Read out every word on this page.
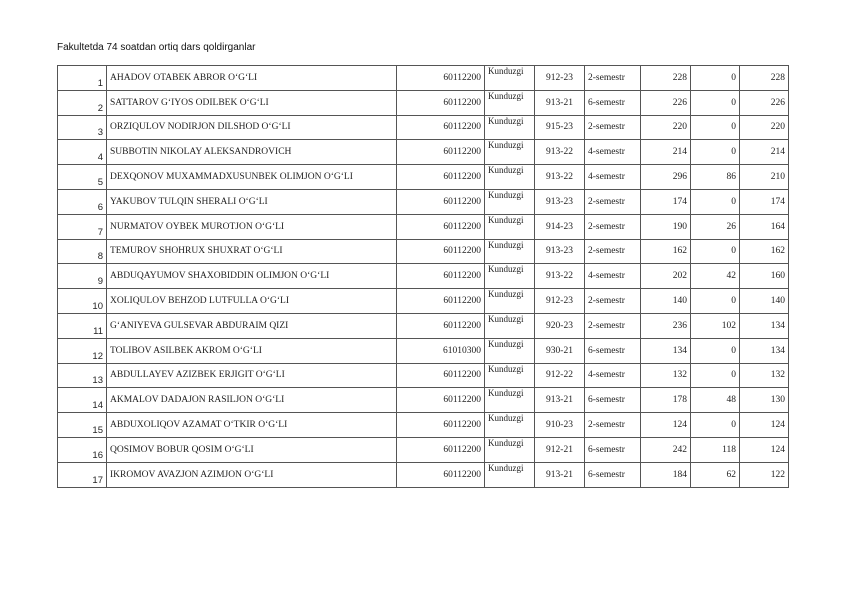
Fakultetda 74 soatdan ortiq dars qoldirganlar
1	AHADOV OTABEK ABROR O‘G‘LI	60112200	Kunduzgi	912-23	2-semestr	228	0	228
2	SATTAROV G‘IYOS ODILBEK O‘G‘LI	60112200	Kunduzgi	913-21	6-semestr	226	0	226
3	ORZIQULOV NODIRJON DILSHOD O‘G‘LI	60112200	Kunduzgi	915-23	2-semestr	220	0	220
4	SUBBOTIN NIKOLAY ALEKSANDROVICH	60112200	Kunduzgi	913-22	4-semestr	214	0	214
5	DEXQONOV MUXAMMADXUSUNBEK OLIMJON O‘G‘LI	60112200	Kunduzgi	913-22	4-semestr	296	86	210
6	YAKUBOV TULQIN SHERALI O‘G‘LI	60112200	Kunduzgi	913-23	2-semestr	174	0	174
7	NURMATOV OYBEK MUROTJON O‘G‘LI	60112200	Kunduzgi	914-23	2-semestr	190	26	164
8	TEMUROV SHOHRUX SHUXRAT O‘G‘LI	60112200	Kunduzgi	913-23	2-semestr	162	0	162
9	ABDUQAYUMOV SHAXOBIDDIN OLIMJON O‘G‘LI	60112200	Kunduzgi	913-22	4-semestr	202	42	160
10	XOLIQULOV BEHZOD LUTFULLA O‘G‘LI	60112200	Kunduzgi	912-23	2-semestr	140	0	140
11	G‘ANIYEVA GULSEVAR ABDURAIM QIZI	60112200	Kunduzgi	920-23	2-semestr	236	102	134
12	TOLIBOV ASILBEK AKROM O‘G‘LI	61010300	Kunduzgi	930-21	6-semestr	134	0	134
13	ABDULLAYEV AZIZBEK ERJIGIT O‘G‘LI	60112200	Kunduzgi	912-22	4-semestr	132	0	132
14	AKMALOV DADAJON RASILJON O‘G‘LI	60112200	Kunduzgi	913-21	6-semestr	178	48	130
15	ABDUXOLIQOV AZAMAT O‘TKIR O‘G‘LI	60112200	Kunduzgi	910-23	2-semestr	124	0	124
16	QOSIMOV BOBUR QOSIM O‘G‘LI	60112200	Kunduzgi	912-21	6-semestr	242	118	124
17	IKROMOV AVAZJON AZIMJON O‘G‘LI	60112200	Kunduzgi	913-21	6-semestr	184	62	122
